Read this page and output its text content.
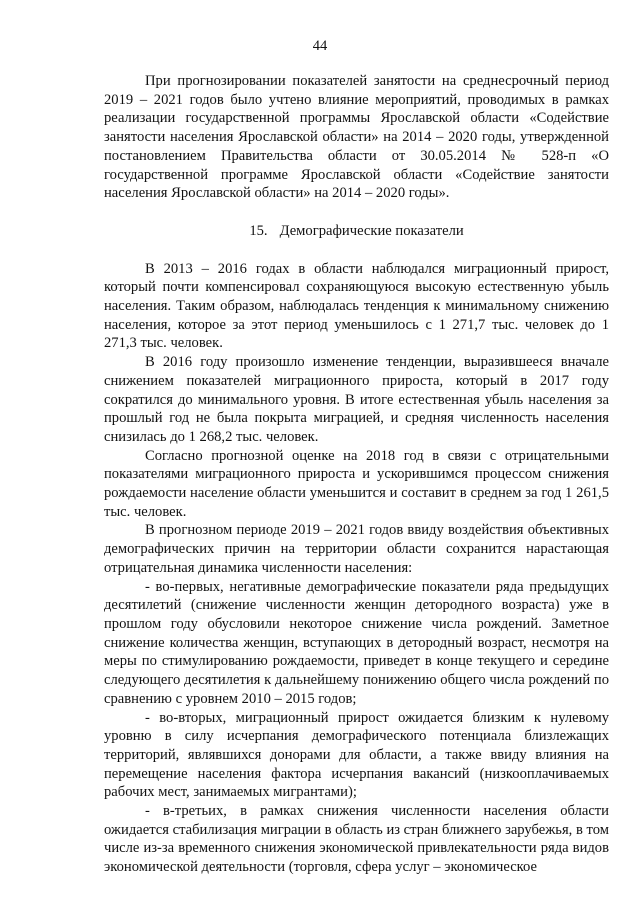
44

При прогнозировании показателей занятости на среднесрочный период 2019 – 2021 годов было учтено влияние мероприятий, проводимых в рамках реализации государственной программы Ярославской области «Содействие занятости населения Ярославской области» на 2014 – 2020 годы, утвержденной постановлением Правительства области от 30.05.2014 № 528-п «О государственной программе Ярославской области «Содействие занятости населения Ярославской области» на 2014 – 2020 годы».

15. Демографические показатели

В 2013 – 2016 годах в области наблюдался миграционный прирост, который почти компенсировал сохраняющуюся высокую естественную убыль населения. Таким образом, наблюдалась тенденция к минимальному снижению населения, которое за этот период уменьшилось с 1 271,7 тыс. человек до 1 271,3 тыс. человек.

В 2016 году произошло изменение тенденции, выразившееся вначале снижением показателей миграционного прироста, который в 2017 году сократился до минимального уровня. В итоге естественная убыль населения за прошлый год не была покрыта миграцией, и средняя численность населения снизилась до 1 268,2 тыс. человек.

Согласно прогнозной оценке на 2018 год в связи с отрицательными показателями миграционного прироста и ускорившимся процессом снижения рождаемости население области уменьшится и составит в среднем за год 1 261,5 тыс. человек.

В прогнозном периоде 2019 – 2021 годов ввиду воздействия объективных демографических причин на территории области сохранится нарастающая отрицательная динамика численности населения:

- во-первых, негативные демографические показатели ряда предыдущих десятилетий (снижение численности женщин детородного возраста) уже в прошлом году обусловили некоторое снижение числа рождений. Заметное снижение количества женщин, вступающих в детородный возраст, несмотря на меры по стимулированию рождаемости, приведет в конце текущего и середине следующего десятилетия к дальнейшему понижению общего числа рождений по сравнению с уровнем 2010 – 2015 годов;

- во-вторых, миграционный прирост ожидается близким к нулевому уровню в силу исчерпания демографического потенциала близлежащих территорий, являвшихся донорами для области, а также ввиду влияния на перемещение населения фактора исчерпания вакансий (низкооплачиваемых рабочих мест, занимаемых мигрантами);

- в-третьих, в рамках снижения численности населения области ожидается стабилизация миграции в область из стран ближнего зарубежья, в том числе из-за временного снижения экономической привлекательности ряда видов экономической деятельности (торговля, сфера услуг – экономическое
